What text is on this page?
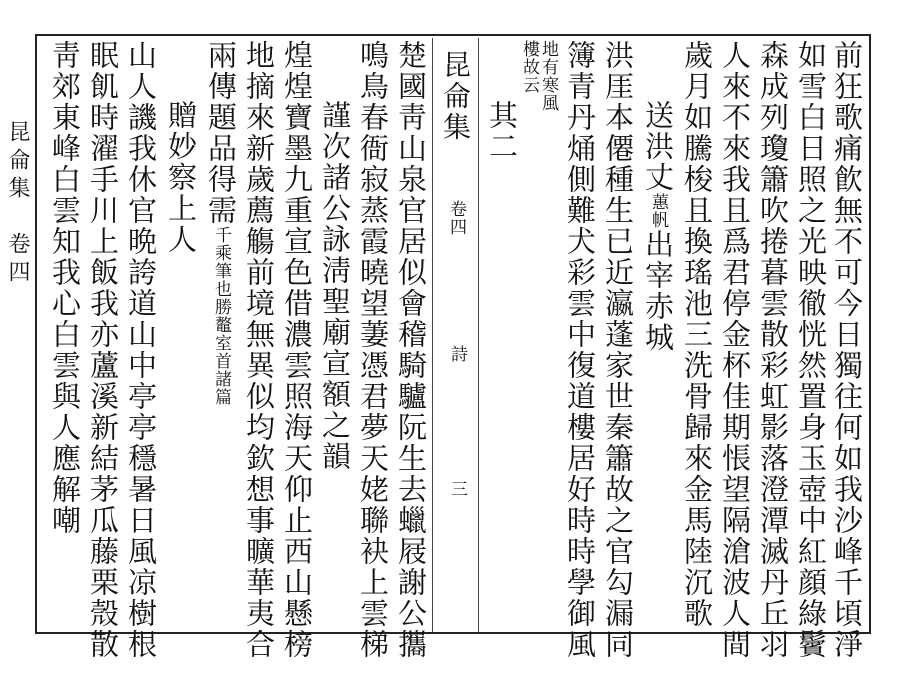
昆侖集　卷四
昆侖集
卷四
詩
三	前狂歌痛飮無不可今日獨往何如我沙峰千頃淨
如雪白日照之光映徹恍然置身玉壺中紅顔綠鬢
森成列瓊簫吹捲暮雲散彩虹影落澄潭滅丹丘羽
人來不來我且爲君停金杯佳期悵望隔滄波人間
歲月如騰梭且換瑤池三洗骨歸來金馬陸沉歌
送洪丈蕙帆出宰赤城
洪厓本僊種生已近瀛蓬家世秦簫故之官勾漏同
簿青丹㷁側難犬彩雲中復道樓居好時時學御風
地有寒風
樓故云
其二
楚國靑山泉官居似會稽騎驢阮生去蠟屐謝公攜
鳴鳥春衙寂蒸霞曉望萋憑君夢天姥聯袂上雲梯
謹次諸公詠淸聖廟宣額之韻
煌煌寶墨九重宣色借濃雲照海天仰止西山懸榜
地摘來新歲薦觴前境無異似均欽想事曠華夷合
兩傳題品得需千乘筆也勝鼇室首諸篇
贈妙察上人
山人譏我休官晩誇道山中亭亭穩暑日風凉樹根
眠飢時濯手川上飯我亦蘆溪新結茅瓜藤栗殼散
靑郊東峰白雲知我心白雲與人應解嘲
